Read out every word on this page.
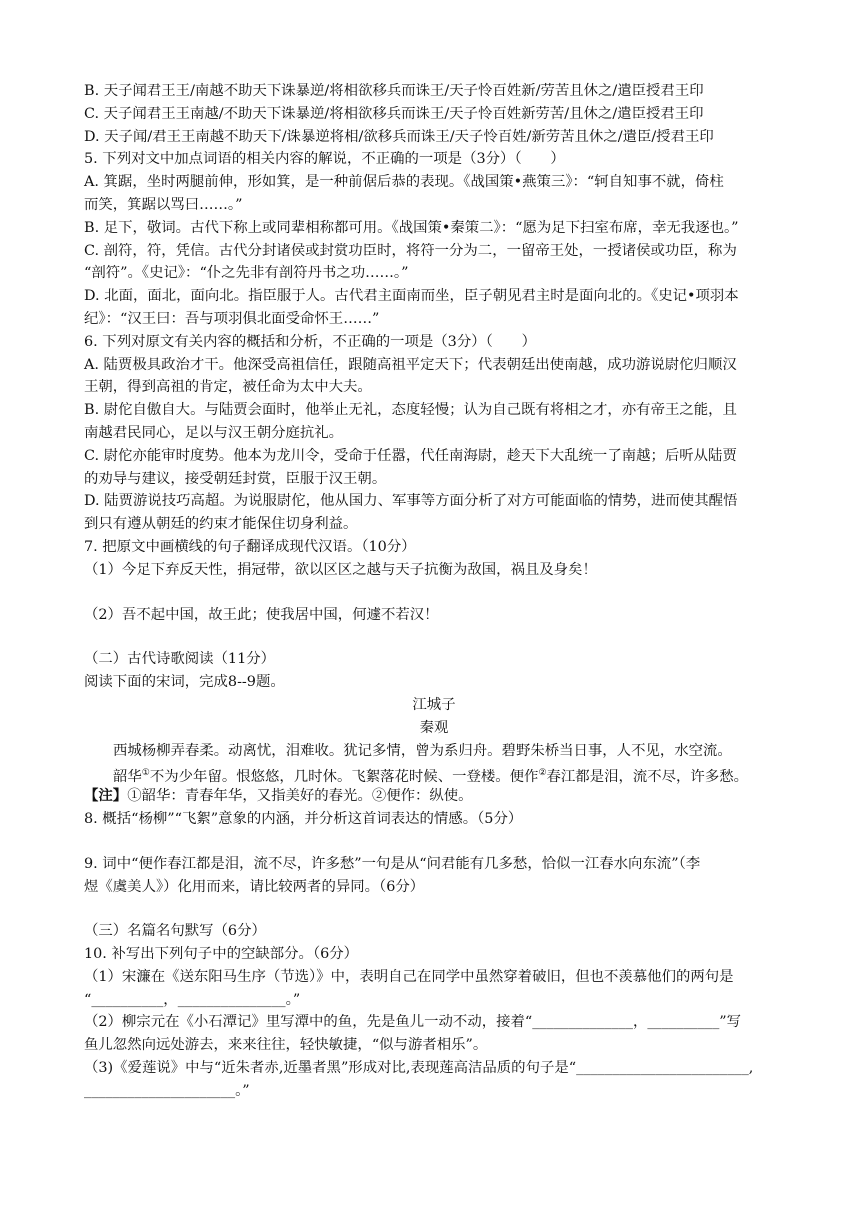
B. 天子闻君王王/南越不助天下诛暴逆/将相欲移兵而诛王/天子怜百姓新/劳苦且休之/遣臣授君王印
C. 天子闻君王王南越/不助天下诛暴逆/将相欲移兵而诛王/天子怜百姓新劳苦/且休之/遣臣授君王印
D. 天子闻/君王王南越不助天下/诛暴逆将相/欲移兵而诛王/天子怜百姓/新劳苦且休之/遣臣/授君王印
5. 下列对文中加点词语的相关内容的解说，不正确的一项是（3分）（　　）
A. 箕踞，坐时两腿前伸，形如箕，是一种前倨后恭的表现。《战国策•燕策三》：“轲自知事不就，倚柱
而笑，箕踞以骂曰……。”
B. 足下，敬词。古代下称上或同辈相称都可用。《战国策•秦策二》：“愿为足下扫室布席，幸无我逐也。”
C. 剖符，符，凭信。古代分封诸侯或封赏功臣时，将符一分为二，一留帝王处，一授诸侯或功臣，称为
“剖符”。《史记》：“仆之先非有剖符丹书之功……。”
D. 北面，面北，面向北。指臣服于人。古代君主面南而坐，臣子朝见君主时是面向北的。《史记•项羽本
纪》：“汉王曰：吾与项羽俱北面受命怀王……”
6. 下列对原文有关内容的概括和分析，不正确的一项是（3分）（　　）
A. 陆贾极具政治才干。他深受高祖信任，跟随高祖平定天下；代表朝廷出使南越，成功游说尉佗归顺汉
王朝，得到高祖的肯定，被任命为太中大夫。
B. 尉佗自傲自大。与陆贾会面时，他举止无礼，态度轻慢；认为自己既有将相之才，亦有帝王之能，且
南越君民同心，足以与汉王朝分庭抗礼。
C. 尉佗亦能审时度势。他本为龙川令，受命于任嚣，代任南海尉，趁天下大乱统一了南越；后听从陆贾
的劝导与建议，接受朝廷封赏，臣服于汉王朝。
D. 陆贾游说技巧高超。为说服尉佗，他从国力、军事等方面分析了对方可能面临的情势，进而使其醒悟
到只有遵从朝廷的约束才能保住切身利益。
7. 把原文中画横线的句子翻译成现代汉语。（10分）
（1）今足下弃反天性，捐冠带，欲以区区之越与天子抗衡为敌国，祸且及身矣！
（2）吾不起中国，故王此；使我居中国，何遽不若汉！
（二）古代诗歌阅读（11分）
阅读下面的宋词，完成8--9题。
江城子
秦观
西城杨柳弄春柔。动离忧，泪难收。犹记多情，曾为系归舟。碧野朱桥当日事，人不见，水空流。
韶华①不为少年留。恨悠悠，几时休。飞絮落花时候、一登楼。便作②春江都是泪，流不尽，许多愁。
【注】①韶华：青春年华，又指美好的春光。②便作：纵使。
8. 概括“杨柳”“飞絮”意象的内涵，并分析这首词表达的情感。（5分）
9. 词中“便作春江都是泪，流不尽，许多愁”一句是从“问君能有几多愁，恰似一江春水向东流”（李
煜《虞美人》）化用而来，请比较两者的异同。（6分）
（三）名篇名句默写（6分）
10. 补写出下列句子中的空缺部分。（6分）
（1）宋濂在《送东阳马生序（节选）》中，表明自己在同学中虽然穿着破旧，但也不羡慕他们的两句是
“__________，_______________。”
（2）柳宗元在《小石潭记》里写潭中的鱼，先是鱼儿一动不动，接着“______________，__________”写
鱼儿忽然向远处游去，来来往往，轻快敏捷，“似与游者相乐”。
（3)《爱莲说》中与“近朱者赤,近墨者黑”形成对比,表现莲高洁品质的句子是“________________________,
_____________________。”
